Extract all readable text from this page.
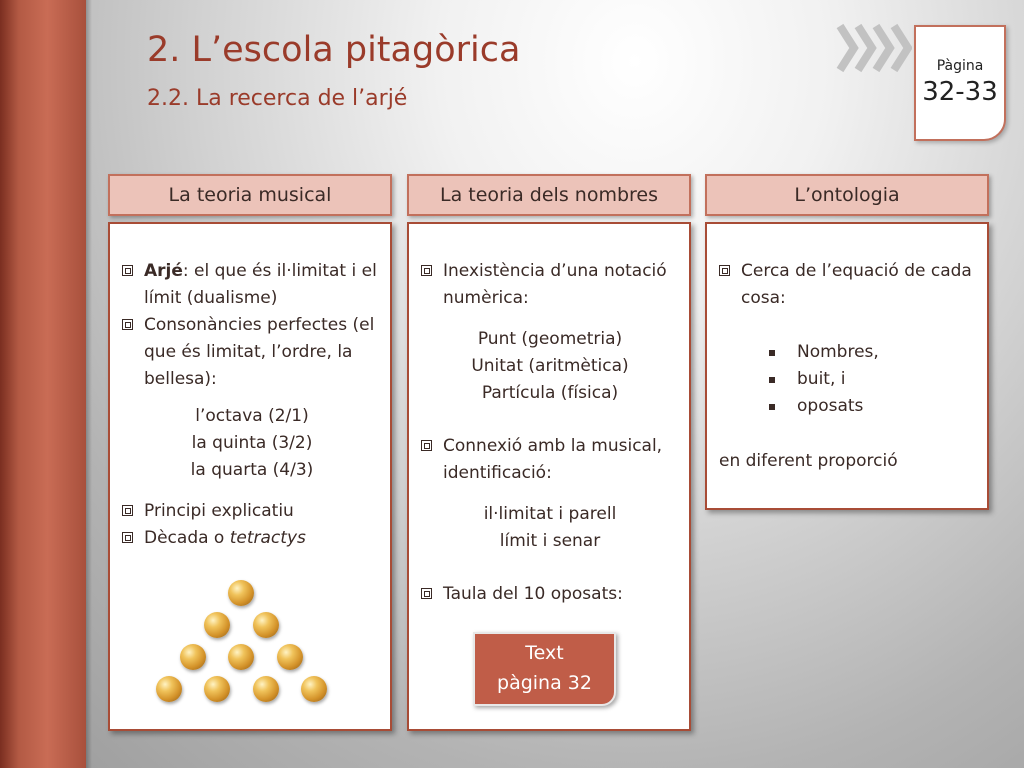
2. L’escola pitagòrica
2.2. La recerca de l’arjé
Pàgina
32-33
La teoria musical	La teoria dels nombres	L’ontologia
Arjé: el que és il·limitat i el límit (dualisme)
Consonàncies perfectes (el que és limitat, l’ordre, la bellesa):
l’octava (2/1)
la quinta (3/2)
la quarta (4/3)
Principi explicatiu
Dècada o tetractys
Inexistència d’una notació numèrica:
Punt (geometria)
Unitat (aritmètica)
Partícula (física)
Connexió amb la musical, identificació:
il·limitat i parell
límit i senar
Taula del 10 oposats:
Text
pàgina 32
Cerca de l’equació de cada cosa:
Nombres,
buit, i
oposats
en diferent proporció
